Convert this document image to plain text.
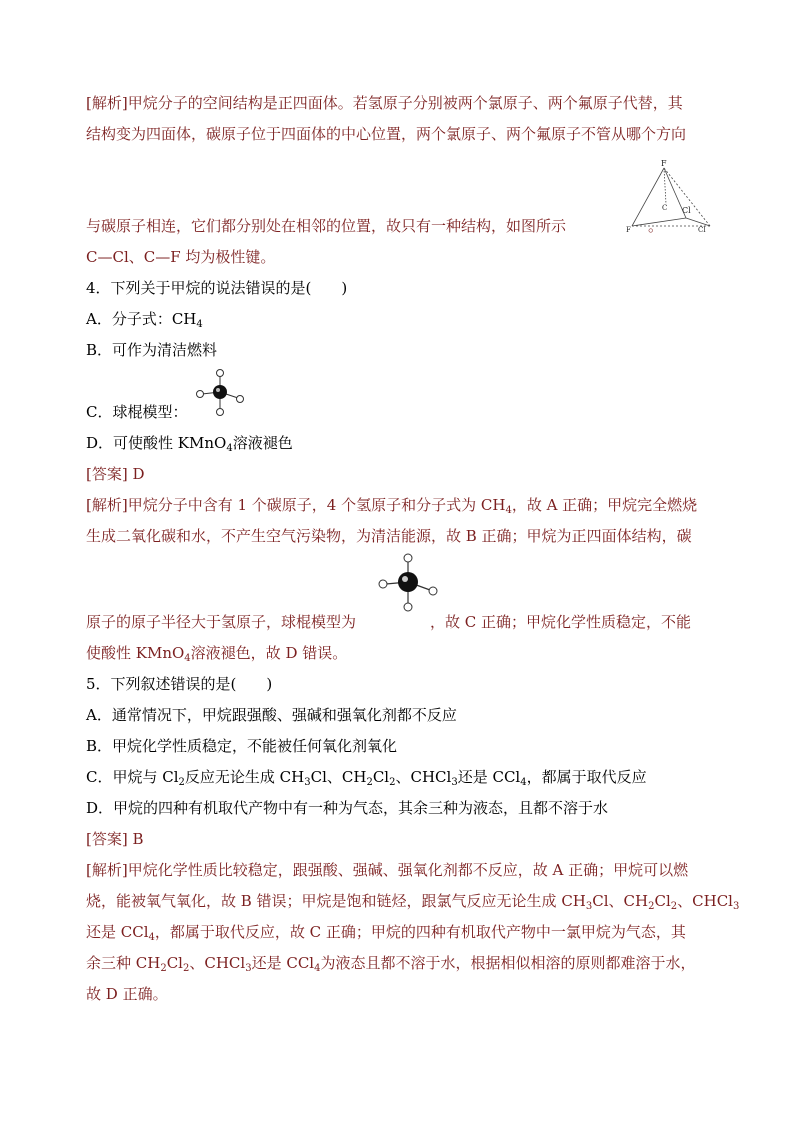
[解析]甲烷分子的空间结构是正四面体。若氢原子分别被两个氯原子、两个氟原子代替，其
结构变为四面体，碳原子位于四面体的中心位置，两个氯原子、两个氟原子不管从哪个方向
与碳原子相连，它们都分别处在相邻的位置，故只有一种结构，如图所示	。
F
F
C Cl
Cl
C—Cl、C—F 均为极性键。
4．下列关于甲烷的说法错误的是(　　)
A．分子式：$CH_4$
B．可作为清洁燃料
C．球棍模型：
D．可使酸性 KMnO$_4$溶液褪色
[答案] D
[解析]甲烷分子中含有 1 个碳原子，4 个氢原子和分子式为 $CH_4$，故 A 正确；甲烷完全燃烧
生成二氧化碳和水，不产生空气污染物，为清洁能源，故 B 正确；甲烷为正四面体结构，碳
原子的原子半径大于氢原子，球棍模型为	，故 C 正确；甲烷化学性质稳定，不能
使酸性 KMnO$_4$溶液褪色，故 D 错误。
5．下列叙述错误的是(　　)
A．通常情况下，甲烷跟强酸、强碱和强氧化剂都不反应
B．甲烷化学性质稳定，不能被任何氧化剂氧化
C．甲烷与 $Cl_2$反应无论生成 $CH_3Cl$、$CH_2Cl_2$、CHCl$_3$还是 CCl$_4$，都属于取代反应
D．甲烷的四种有机取代产物中有一种为气态，其余三种为液态，且都不溶于水
[答案] B
[解析]甲烷化学性质比较稳定，跟强酸、强碱、强氧化剂都不反应，故 A 正确；甲烷可以燃
烧，能被氧气氧化，故 B 错误；甲烷是饱和链烃，跟氯气反应无论生成 $CH_3Cl$、$CH_2Cl_2$、CHCl$_3$
还是 CCl$_4$，都属于取代反应，故 C 正确；甲烷的四种有机取代产物中一氯甲烷为气态，其
余三种 $CH_2Cl_2$、CHCl$_3$还是 CCl$_4$为液态且都不溶于水，根据相似相溶的原则都难溶于水，
故 D 正确。
